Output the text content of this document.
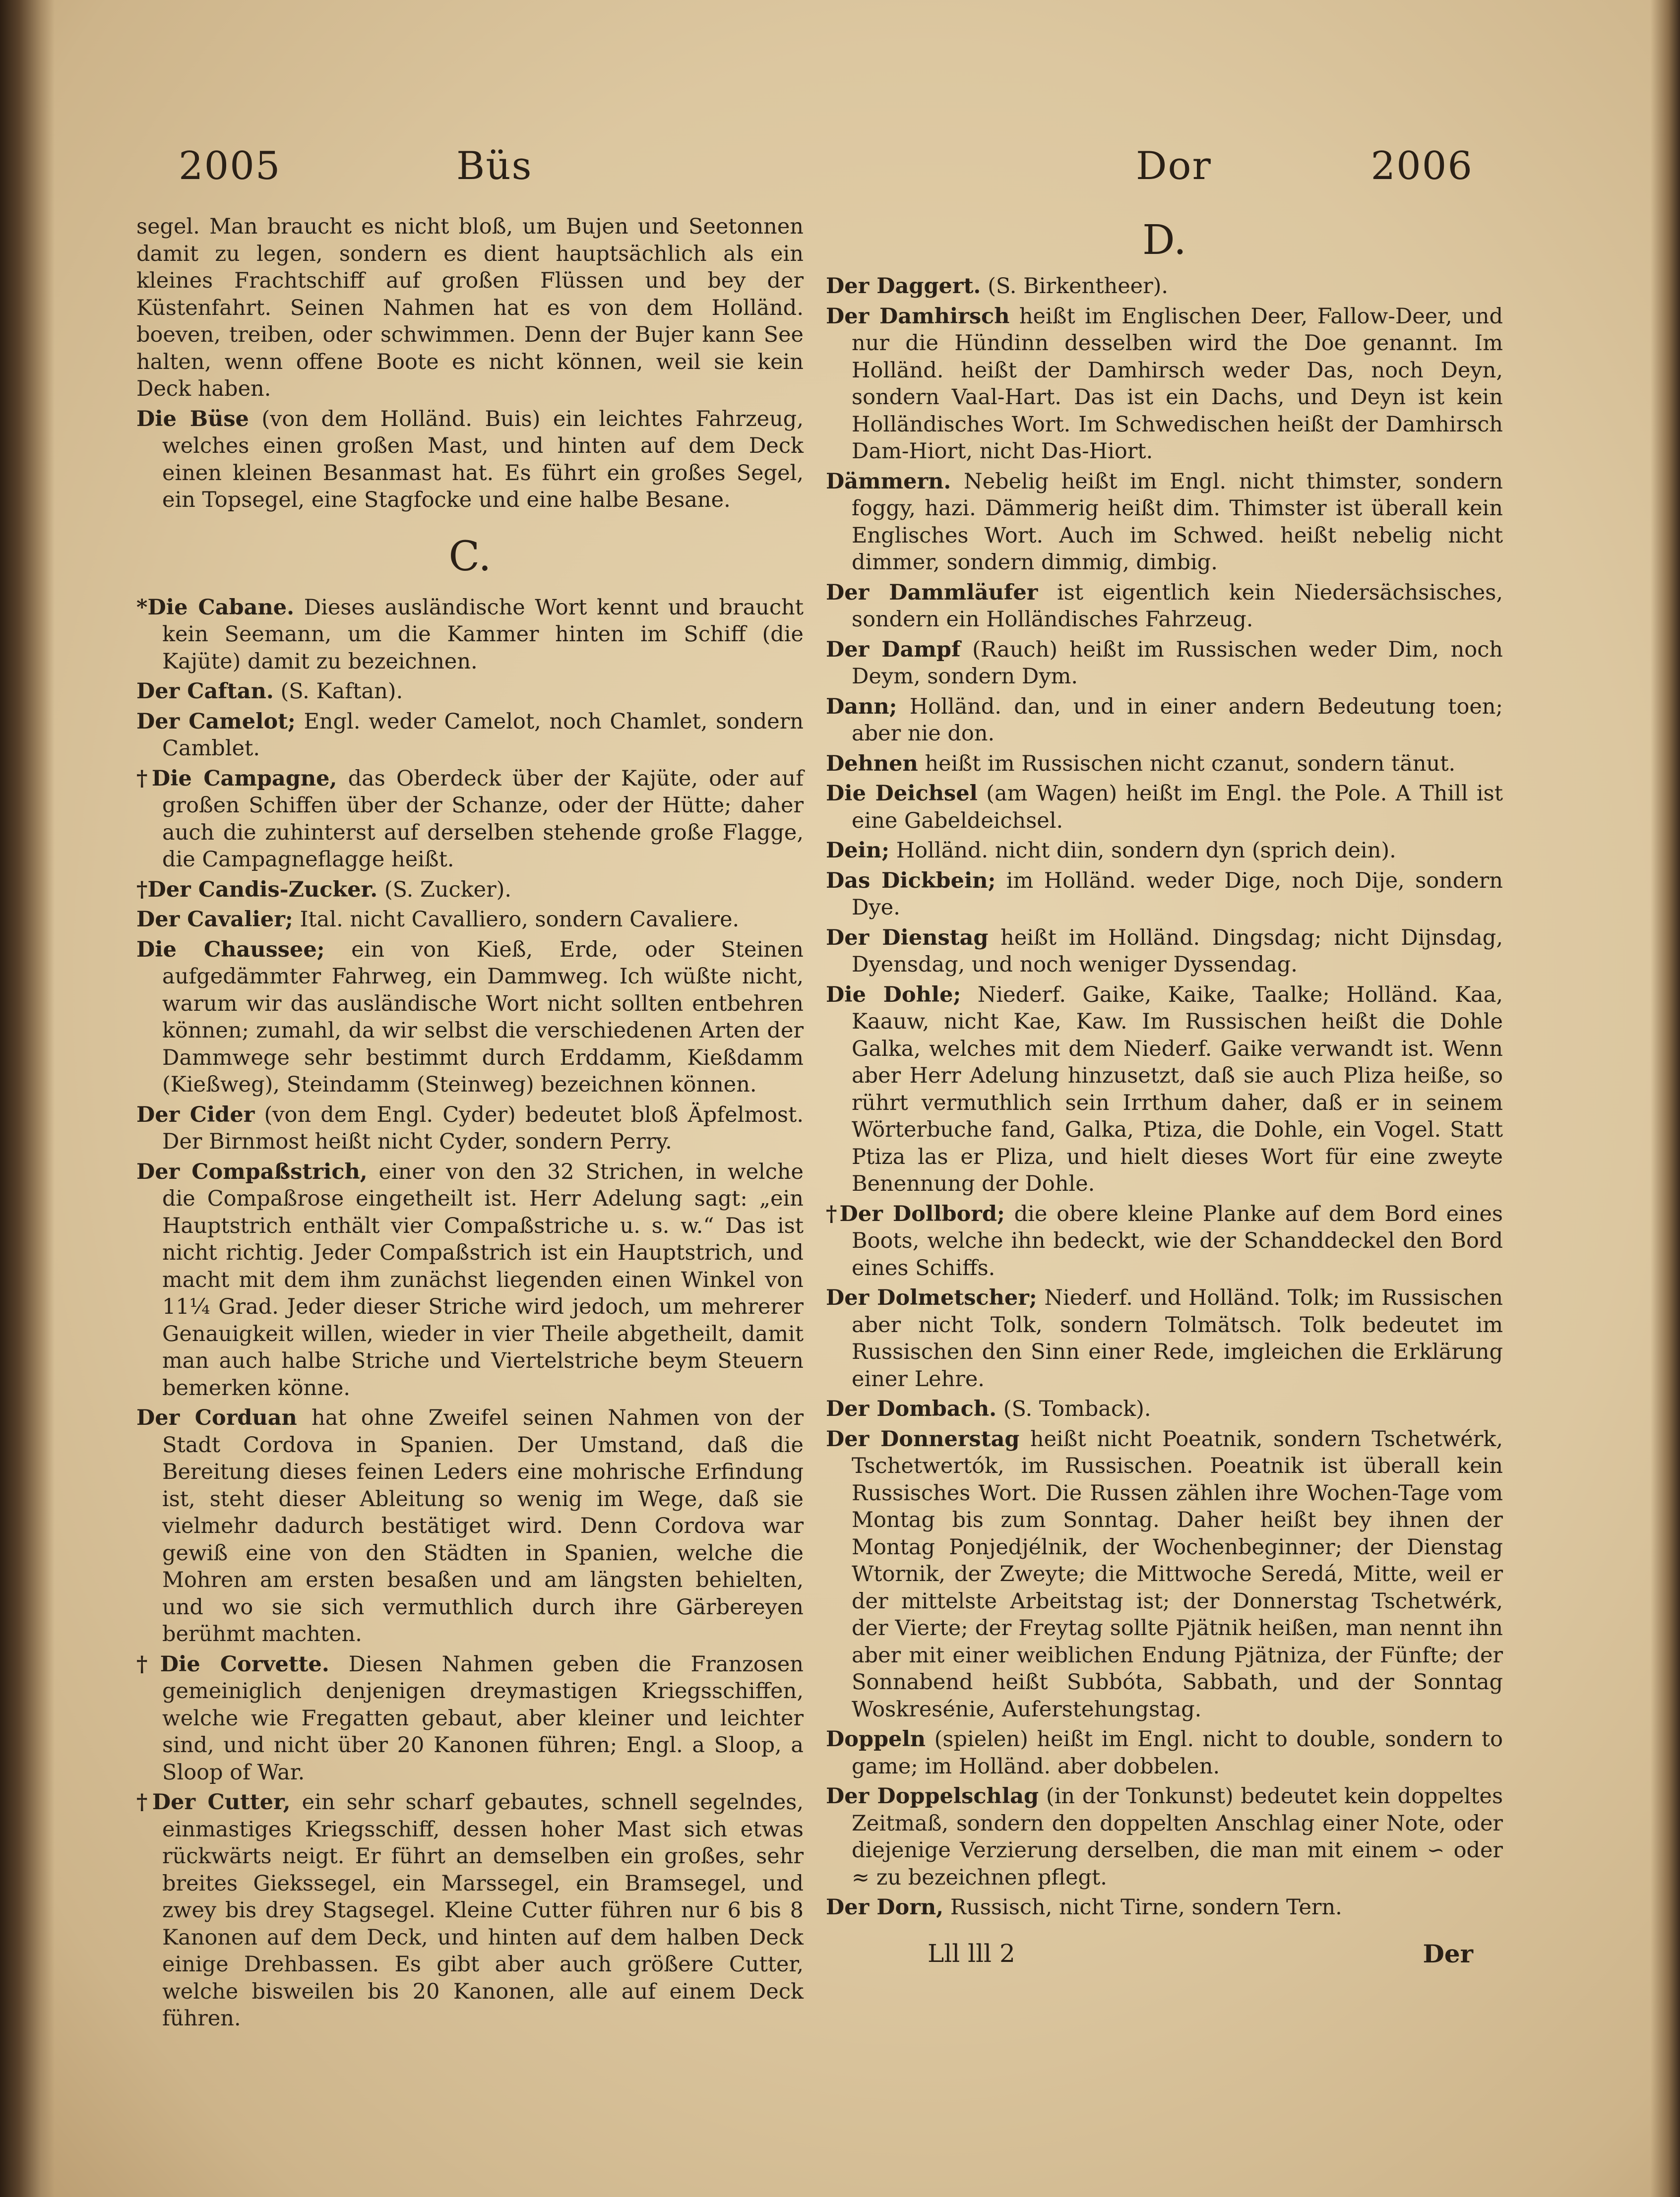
2005	Büs	Dor	2006
segel. Man braucht es nicht bloß, um Bujen und Seetonnen damit zu legen, sondern es dient hauptsächlich als ein kleines Frachtschiff auf großen Flüssen und bey der Küstenfahrt. Seinen Nahmen hat es von dem Holländ. boeven, treiben, oder schwimmen. Denn der Bujer kann See halten, wenn offene Boote es nicht können, weil sie kein Deck haben.
Die Büse (von dem Holländ. Buis) ein leichtes Fahrzeug, welches einen großen Mast, und hinten auf dem Deck einen kleinen Besanmast hat. Es führt ein großes Segel, ein Topsegel, eine Stagfocke und eine halbe Besane.
C.
*Die Cabane. Dieses ausländische Wort kennt und braucht kein Seemann, um die Kammer hinten im Schiff (die Kajüte) damit zu bezeichnen.
Der Caftan. (S. Kaftan).
Der Camelot; Engl. weder Camelot, noch Chamlet, sondern Camblet.
†Die Campagne, das Oberdeck über der Kajüte, oder auf großen Schiffen über der Schanze, oder der Hütte; daher auch die zuhinterst auf derselben stehende große Flagge, die Campagneflagge heißt.
†Der Candis-Zucker. (S. Zucker).
Der Cavalier; Ital. nicht Cavalliero, sondern Cavaliere.
Die Chaussee; ein von Kieß, Erde, oder Steinen aufgedämmter Fahrweg, ein Dammweg. Ich wüßte nicht, warum wir das ausländische Wort nicht sollten entbehren können; zumahl, da wir selbst die verschiedenen Arten der Dammwege sehr bestimmt durch Erddamm, Kießdamm (Kießweg), Steindamm (Steinweg) bezeichnen können.
Der Cider (von dem Engl. Cyder) bedeutet bloß Äpfelmost. Der Birnmost heißt nicht Cyder, sondern Perry.
Der Compaßstrich, einer von den 32 Strichen, in welche die Compaßrose eingetheilt ist. Herr Adelung sagt: „ein Hauptstrich enthält vier Compaßstriche u. s. w.“ Das ist nicht richtig. Jeder Compaßstrich ist ein Hauptstrich, und macht mit dem ihm zunächst liegenden einen Winkel von 11¼ Grad. Jeder dieser Striche wird jedoch, um mehrerer Genauigkeit willen, wieder in vier Theile abgetheilt, damit man auch halbe Striche und Viertelstriche beym Steuern bemerken könne.
Der Corduan hat ohne Zweifel seinen Nahmen von der Stadt Cordova in Spanien. Der Umstand, daß die Bereitung dieses feinen Leders eine mohrische Erfindung ist, steht dieser Ableitung so wenig im Wege, daß sie vielmehr dadurch bestätiget wird. Denn Cordova war gewiß eine von den Städten in Spanien, welche die Mohren am ersten besaßen und am längsten behielten, und wo sie sich vermuthlich durch ihre Gärbereyen berühmt machten.
†Die Corvette. Diesen Nahmen geben die Franzosen gemeiniglich denjenigen dreymastigen Kriegsschiffen, welche wie Fregatten gebaut, aber kleiner und leichter sind, und nicht über 20 Kanonen führen; Engl. a Sloop, a Sloop of War.
†Der Cutter, ein sehr scharf gebautes, schnell segelndes, einmastiges Kriegsschiff, dessen hoher Mast sich etwas rückwärts neigt. Er führt an demselben ein großes, sehr breites Giekssegel, ein Marssegel, ein Bramsegel, und zwey bis drey Stagsegel. Kleine Cutter führen nur 6 bis 8 Kanonen auf dem Deck, und hinten auf dem halben Deck einige Drehbassen. Es gibt aber auch größere Cutter, welche bisweilen bis 20 Kanonen, alle auf einem Deck führen.
D.
Der Daggert. (S. Birkentheer).
Der Damhirsch heißt im Englischen Deer, Fallow-Deer, und nur die Hündinn desselben wird the Doe genannt. Im Holländ. heißt der Damhirsch weder Das, noch Deyn, sondern Vaal-Hart. Das ist ein Dachs, und Deyn ist kein Holländisches Wort. Im Schwedischen heißt der Damhirsch Dam-Hiort, nicht Das-Hiort.
Dämmern. Nebelig heißt im Engl. nicht thimster, sondern foggy, hazi. Dämmerig heißt dim. Thimster ist überall kein Englisches Wort. Auch im Schwed. heißt nebelig nicht dimmer, sondern dimmig, dimbig.
Der Dammläufer ist eigentlich kein Niedersächsisches, sondern ein Holländisches Fahrzeug.
Der Dampf (Rauch) heißt im Russischen weder Dim, noch Deym, sondern Dym.
Dann; Holländ. dan, und in einer andern Bedeutung toen; aber nie don.
Dehnen heißt im Russischen nicht czanut, sondern tänut.
Die Deichsel (am Wagen) heißt im Engl. the Pole. A Thill ist eine Gabeldeichsel.
Dein; Holländ. nicht diin, sondern dyn (sprich dein).
Das Dickbein; im Holländ. weder Dige, noch Dije, sondern Dye.
Der Dienstag heißt im Holländ. Dingsdag; nicht Dijnsdag, Dyensdag, und noch weniger Dyssendag.
Die Dohle; Niederf. Gaike, Kaike, Taalke; Holländ. Kaa, Kaauw, nicht Kae, Kaw. Im Russischen heißt die Dohle Galka, welches mit dem Niederf. Gaike verwandt ist. Wenn aber Herr Adelung hinzusetzt, daß sie auch Pliza heiße, so rührt vermuthlich sein Irrthum daher, daß er in seinem Wörterbuche fand, Galka, Ptiza, die Dohle, ein Vogel. Statt Ptiza las er Pliza, und hielt dieses Wort für eine zweyte Benennung der Dohle.
†Der Dollbord; die obere kleine Planke auf dem Bord eines Boots, welche ihn bedeckt, wie der Schanddeckel den Bord eines Schiffs.
Der Dolmetscher; Niederf. und Holländ. Tolk; im Russischen aber nicht Tolk, sondern Tolmätsch. Tolk bedeutet im Russischen den Sinn einer Rede, imgleichen die Erklärung einer Lehre.
Der Dombach. (S. Tomback).
Der Donnerstag heißt nicht Poeatnik, sondern Tschetwérk, Tschetwertók, im Russischen. Poeatnik ist überall kein Russisches Wort. Die Russen zählen ihre Wochen-Tage vom Montag bis zum Sonntag. Daher heißt bey ihnen der Montag Ponjedjélnik, der Wochenbeginner; der Dienstag Wtornik, der Zweyte; die Mittwoche Seredá, Mitte, weil er der mittelste Arbeitstag ist; der Donnerstag Tschetwérk, der Vierte; der Freytag sollte Pjätnik heißen, man nennt ihn aber mit einer weiblichen Endung Pjätniza, der Fünfte; der Sonnabend heißt Subbóta, Sabbath, und der Sonntag Woskresénie, Auferstehungstag.
Doppeln (spielen) heißt im Engl. nicht to double, sondern to game; im Holländ. aber dobbelen.
Der Doppelschlag (in der Tonkunst) bedeutet kein doppeltes Zeitmaß, sondern den doppelten Anschlag einer Note, oder diejenige Verzierung derselben, die man mit einem ∽ oder ≈ zu bezeichnen pflegt.
Der Dorn, Russisch, nicht Tirne, sondern Tern.
Lll lll 2	Der
